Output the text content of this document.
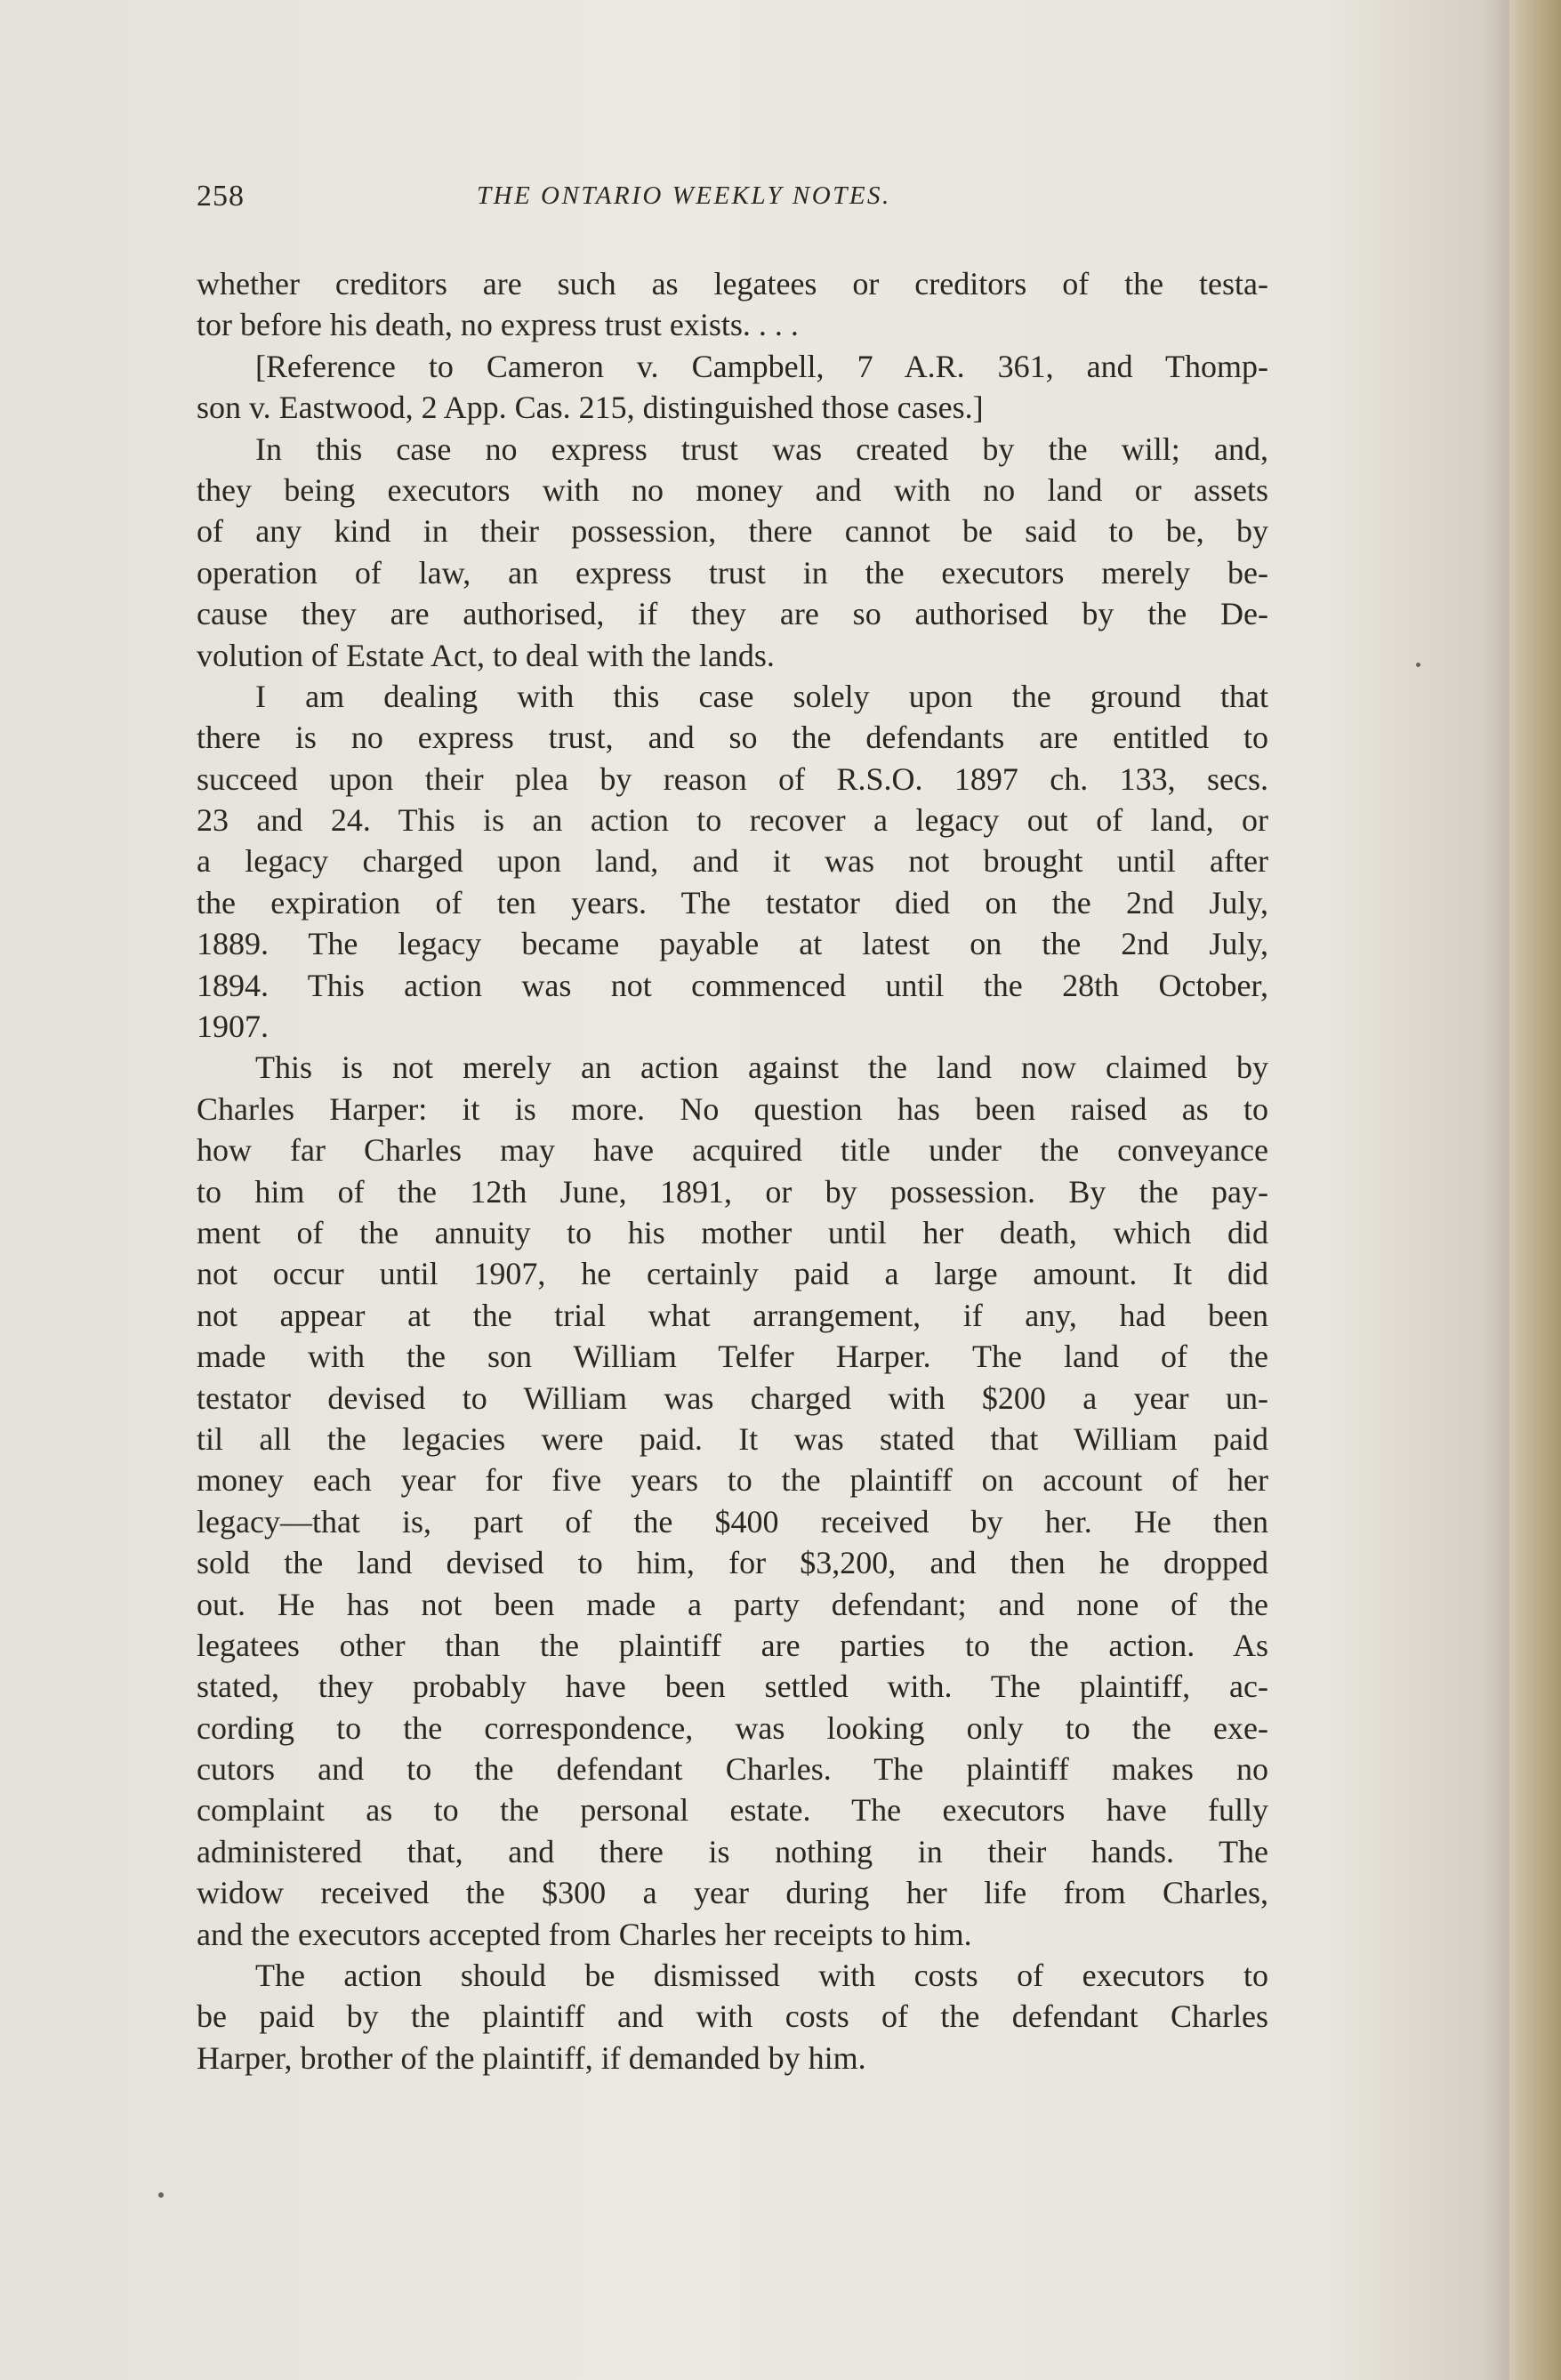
258	THE ONTARIO WEEKLY NOTES.
whether creditors are such as legatees or creditors of the testa-
tor before his death, no express trust exists. . . .
[Reference to Cameron v. Campbell, 7 A.R. 361, and Thomp-
son v. Eastwood, 2 App. Cas. 215, distinguished those cases.]
In this case no express trust was created by the will; and,
they being executors with no money and with no land or assets
of any kind in their possession, there cannot be said to be, by
operation of law, an express trust in the executors merely be-
cause they are authorised, if they are so authorised by the De-
volution of Estate Act, to deal with the lands.
I am dealing with this case solely upon the ground that
there is no express trust, and so the defendants are entitled to
succeed upon their plea by reason of R.S.O. 1897 ch. 133, secs.
23 and 24. This is an action to recover a legacy out of land, or
a legacy charged upon land, and it was not brought until after
the expiration of ten years. The testator died on the 2nd July,
1889. The legacy became payable at latest on the 2nd July,
1894. This action was not commenced until the 28th October,
1907.
This is not merely an action against the land now claimed by
Charles Harper: it is more. No question has been raised as to
how far Charles may have acquired title under the conveyance
to him of the 12th June, 1891, or by possession. By the pay-
ment of the annuity to his mother until her death, which did
not occur until 1907, he certainly paid a large amount. It did
not appear at the trial what arrangement, if any, had been
made with the son William Telfer Harper. The land of the
testator devised to William was charged with $200 a year un-
til all the legacies were paid. It was stated that William paid
money each year for five years to the plaintiff on account of her
legacy—that is, part of the $400 received by her. He then
sold the land devised to him, for $3,200, and then he dropped
out. He has not been made a party defendant; and none of the
legatees other than the plaintiff are parties to the action. As
stated, they probably have been settled with. The plaintiff, ac-
cording to the correspondence, was looking only to the exe-
cutors and to the defendant Charles. The plaintiff makes no
complaint as to the personal estate. The executors have fully
administered that, and there is nothing in their hands. The
widow received the $300 a year during her life from Charles,
and the executors accepted from Charles her receipts to him.
The action should be dismissed with costs of executors to
be paid by the plaintiff and with costs of the defendant Charles
Harper, brother of the plaintiff, if demanded by him.
